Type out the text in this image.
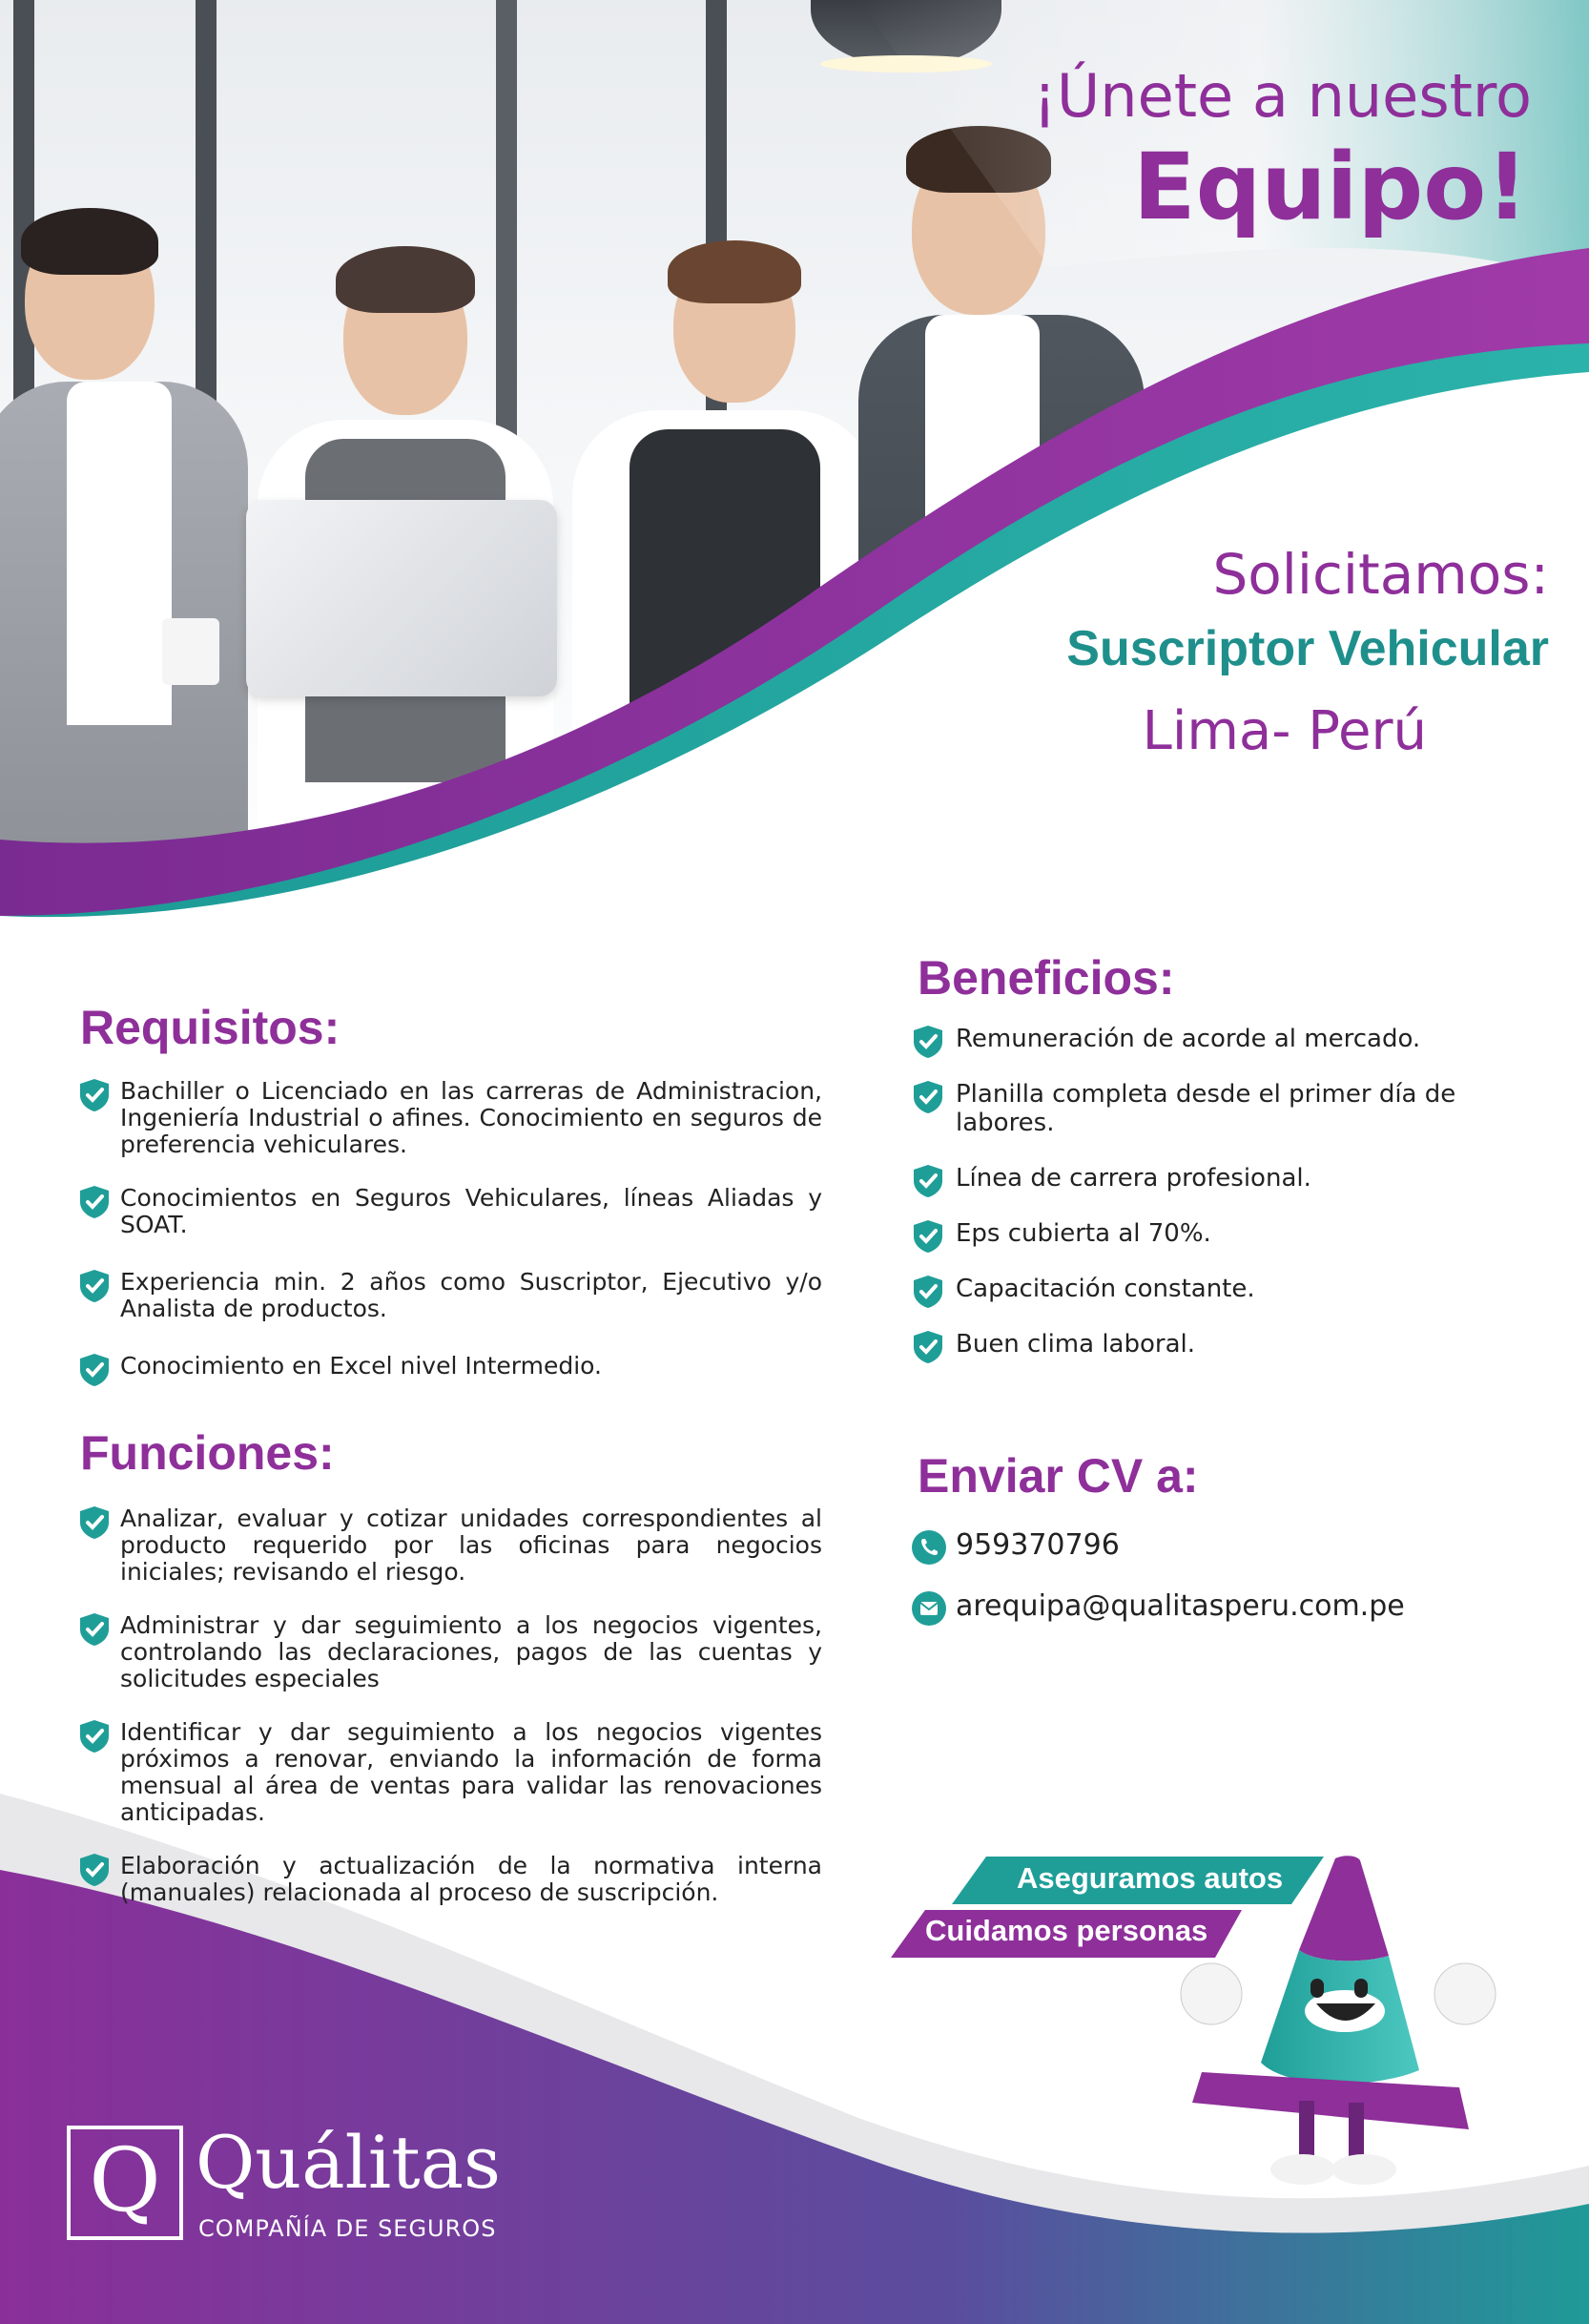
¡Únete a nuestro
Equipo!
Solicitamos:
Suscriptor Vehicular
Lima- Perú
Requisitos:
Bachiller o Licenciado en las carreras de Administracion, Ingeniería Industrial o afines. Conocimiento en seguros de preferencia vehiculares.
Conocimientos en Seguros Vehiculares, líneas Aliadas y SOAT.
Experiencia min. 2 años como Suscriptor, Ejecutivo y/o Analista de productos.
Conocimiento en Excel nivel Intermedio.
Funciones:
Analizar, evaluar y cotizar unidades correspondientes al producto requerido por las oficinas para negocios iniciales; revisando el riesgo.
Administrar y dar seguimiento a los negocios vigentes, controlando las declaraciones, pagos de las cuentas y solicitudes especiales
Identificar y dar seguimiento a los negocios vigentes próximos a renovar, enviando la información de forma mensual al área de ventas para validar las renovaciones anticipadas.
Elaboración y actualización de la normativa interna (manuales) relacionada al proceso de suscripción.
Beneficios:
Remuneración de acorde al mercado.
Planilla completa desde el primer día de labores.
Línea de carrera profesional.
Eps cubierta al 70%.
Capacitación constante.
Buen clima laboral.
Enviar CV a:
959370796
arequipa@qualitasperu.com.pe
Aseguramos autos
Cuidamos personas
Q Quálitas
COMPAÑÍA DE SEGUROS
